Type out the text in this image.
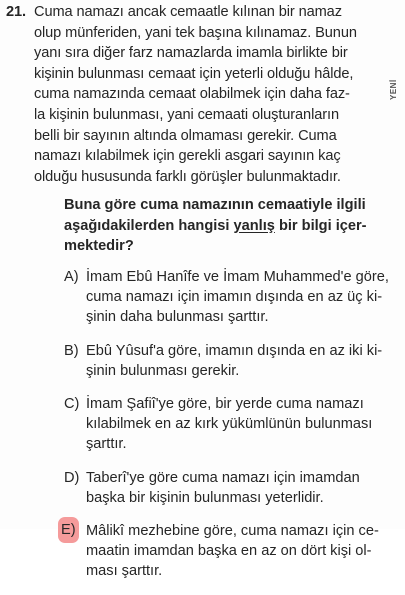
21. Cuma namazı ancak cemaatle kılınan bir namaz
olup münferiden, yani tek başına kılınamaz. Bunun
yanı sıra diğer farz namazlarda imamla birlikte bir
kişinin bulunması cemaat için yeterli olduğu hâlde,
cuma namazında cemaat olabilmek için daha faz-
la kişinin bulunması, yani cemaati oluşturanların
belli bir sayının altında olmaması gerekir. Cuma
namazı kılabilmek için gerekli asgari sayının kaç
olduğu hususunda farklı görüşler bulunmaktadır.
Buna göre cuma namazının cemaatiyle ilgili aşağıdakilerden hangisi yanlış bir bilgi içer-mektedir?
A) İmam Ebû Hanîfe ve İmam Muhammed'e göre,
cuma namazı için imamın dışında en az üç ki-
şinin daha bulunması şarttır.
B) Ebû Yûsuf'a göre, imamın dışında en az iki ki-
şinin bulunması gerekir.
C) İmam Şafiî'ye göre, bir yerde cuma namazı
kılabilmek en az kırk yükümlünün bulunması
şarttır.
D) Taberî'ye göre cuma namazı için imamdan
başka bir kişinin bulunması yeterlidir.
E) Mâlikî mezhebine göre, cuma namazı için ce-
maatin imamdan başka en az on dört kişi ol-
ması şarttır.
YENİ
